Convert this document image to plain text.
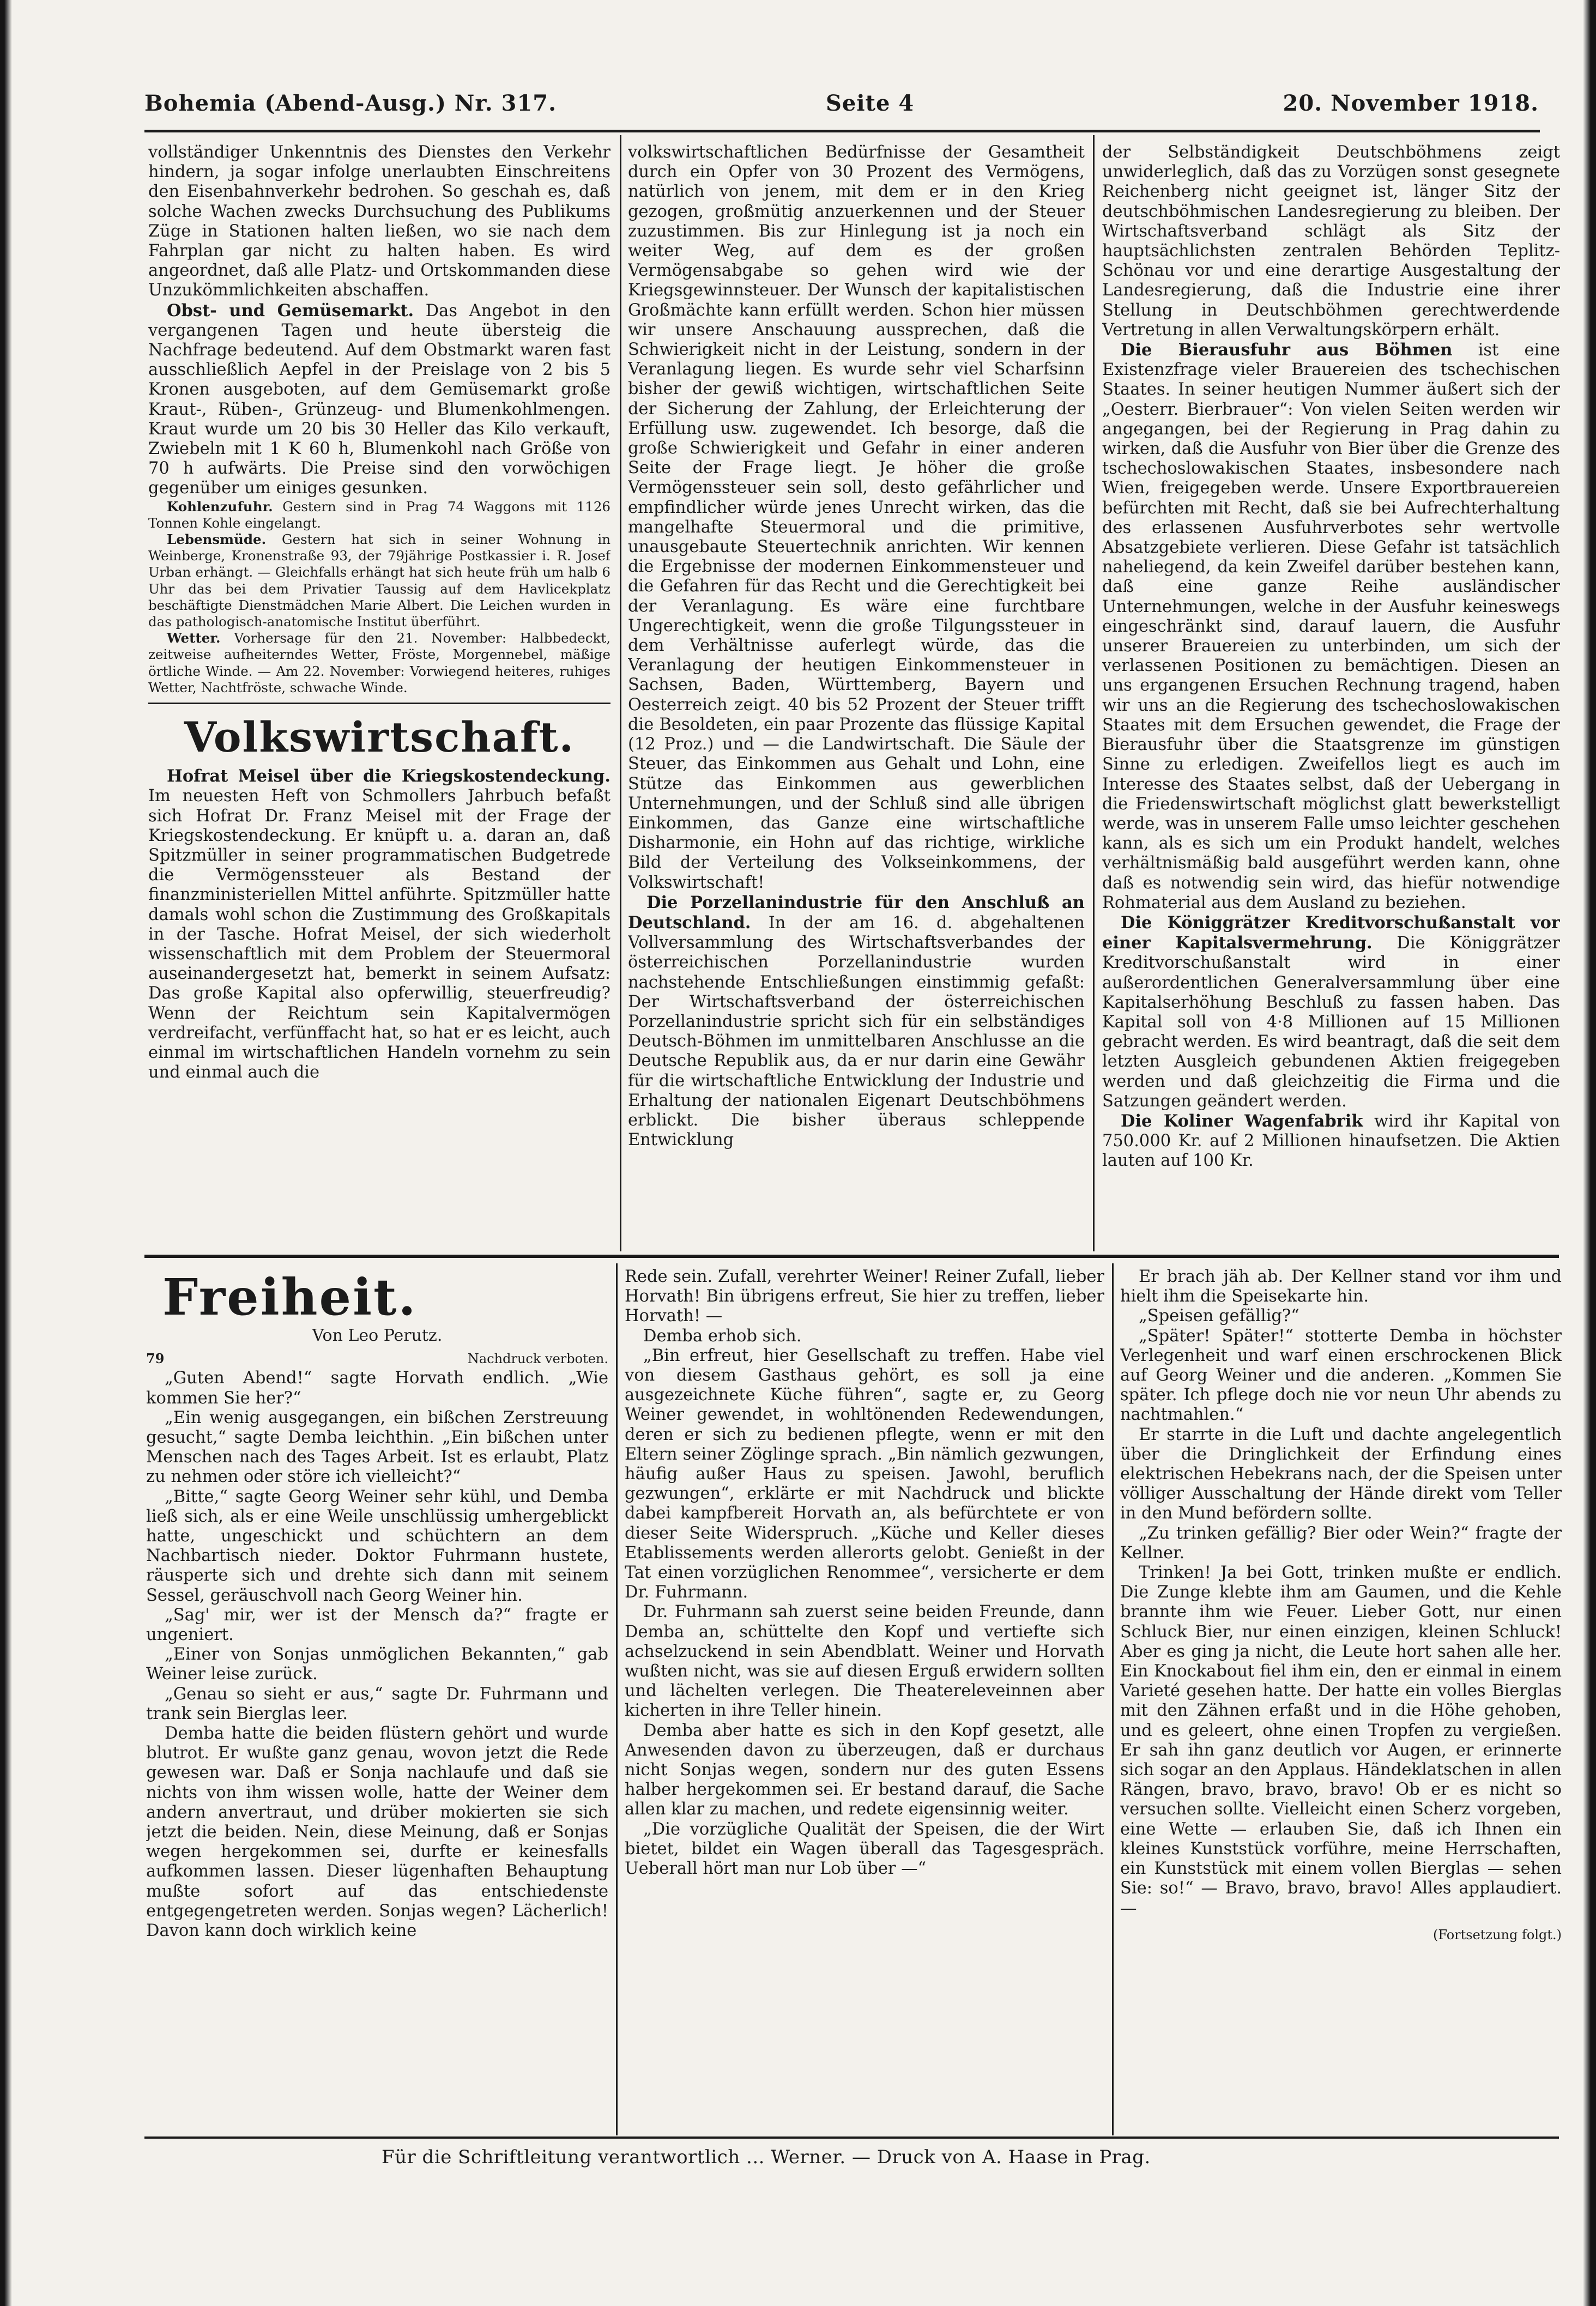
Bohemia (Abend-Ausg.) Nr. 317.	Seite 4	20. November 1918.

vollständiger Unkenntnis des Dienstes den Verkehr hindern, ja sogar infolge unerlaubten Einschreitens den Eisenbahnverkehr bedrohen. So geschah es, daß solche Wachen zwecks Durchsuchung des Publikums Züge in Stationen halten ließen, wo sie nach dem Fahrplan gar nicht zu halten haben. Es wird angeordnet, daß alle Platz- und Ortskommanden diese Unzukömmlichkeiten abschaffen.

Obst- und Gemüsemarkt. Das Angebot in den vergangenen Tagen und heute übersteig die Nachfrage bedeutend. Auf dem Obstmarkt waren fast ausschließlich Aepfel in der Preislage von 2 bis 5 Kronen ausgeboten, auf dem Gemüsemarkt große Kraut-, Rüben-, Grünzeug- und Blumenkohlmengen. Kraut wurde um 20 bis 30 Heller das Kilo verkauft, Zwiebeln mit 1 K 60 h, Blumenkohl nach Größe von 70 h aufwärts. Die Preise sind den vorwöchigen gegenüber um einiges gesunken.

Kohlenzufuhr. Gestern sind in Prag 74 Waggons mit 1126 Tonnen Kohle eingelangt.

Lebensmüde. Gestern hat sich in seiner Wohnung in Weinberge, Kronenstraße 93, der 79jährige Postkassier i. R. Josef Urban erhängt. — Gleichfalls erhängt hat sich heute früh um halb 6 Uhr das bei dem Privatier Taussig auf dem Havlicekplatz beschäftigte Dienstmädchen Marie Albert. Die Leichen wurden in das pathologisch-anatomische Institut überführt.

Wetter. Vorhersage für den 21. November: Halbbedeckt, zeitweise aufheiterndes Wetter, Fröste, Morgennebel, mäßige örtliche Winde. — Am 22. November: Vorwiegend heiteres, ruhiges Wetter, Nachtfröste, schwache Winde.

Volkswirtschaft.

Hofrat Meisel über die Kriegskostendeckung. Im neuesten Heft von Schmollers Jahrbuch befaßt sich Hofrat Dr. Franz Meisel mit der Frage der Kriegskostendeckung. Er knüpft u. a. daran an, daß Spitzmüller in seiner programmatischen Budgetrede die Vermögenssteuer als Bestand der finanzministeriellen Mittel anführte. Spitzmüller hatte damals wohl schon die Zustimmung des Großkapitals in der Tasche. Hofrat Meisel, der sich wiederholt wissenschaftlich mit dem Problem der Steuermoral auseinandergesetzt hat, bemerkt in seinem Aufsatz: Das große Kapital also opferwillig, steuerfreudig? Wenn der Reichtum sein Kapitalvermögen verdreifacht, verfünffacht hat, so hat er es leicht, auch einmal im wirtschaftlichen Handeln vornehm zu sein und einmal auch die

volkswirtschaftlichen Bedürfnisse der Gesamtheit durch ein Opfer von 30 Prozent des Vermögens, natürlich von jenem, mit dem er in den Krieg gezogen, großmütig anzuerkennen und der Steuer zuzustimmen. Bis zur Hinlegung ist ja noch ein weiter Weg, auf dem es der großen Vermögensabgabe so gehen wird wie der Kriegsgewinnsteuer. Der Wunsch der kapitalistischen Großmächte kann erfüllt werden. Schon hier müssen wir unsere Anschauung aussprechen, daß die Schwierigkeit nicht in der Leistung, sondern in der Veranlagung liegen. Es wurde sehr viel Scharfsinn bisher der gewiß wichtigen, wirtschaftlichen Seite der Sicherung der Zahlung, der Erleichterung der Erfüllung usw. zugewendet. Ich besorge, daß die große Schwierigkeit und Gefahr in einer anderen Seite der Frage liegt. Je höher die große Vermögenssteuer sein soll, desto gefährlicher und empfindlicher würde jenes Unrecht wirken, das die mangelhafte Steuermoral und die primitive, unausgebaute Steuertechnik anrichten. Wir kennen die Ergebnisse der modernen Einkommensteuer und die Gefahren für das Recht und die Gerechtigkeit bei der Veranlagung. Es wäre eine furchtbare Ungerechtigkeit, wenn die große Tilgungssteuer in dem Verhältnisse auferlegt würde, das die Veranlagung der heutigen Einkommensteuer in Sachsen, Baden, Württemberg, Bayern und Oesterreich zeigt. 40 bis 52 Prozent der Steuer trifft die Besoldeten, ein paar Prozente das flüssige Kapital (12 Proz.) und — die Landwirtschaft. Die Säule der Steuer, das Einkommen aus Gehalt und Lohn, eine Stütze das Einkommen aus gewerblichen Unternehmungen, und der Schluß sind alle übrigen Einkommen, das Ganze eine wirtschaftliche Disharmonie, ein Hohn auf das richtige, wirkliche Bild der Verteilung des Volkseinkommens, der Volkswirtschaft!

Die Porzellanindustrie für den Anschluß an Deutschland. In der am 16. d. abgehaltenen Vollversammlung des Wirtschaftsverbandes der österreichischen Porzellanindustrie wurden nachstehende Entschließungen einstimmig gefaßt: Der Wirtschaftsverband der österreichischen Porzellanindustrie spricht sich für ein selbständiges Deutsch-Böhmen im unmittelbaren Anschlusse an die Deutsche Republik aus, da er nur darin eine Gewähr für die wirtschaftliche Entwicklung der Industrie und Erhaltung der nationalen Eigenart Deutschböhmens erblickt. Die bisher überaus schleppende Entwicklung

der Selbständigkeit Deutschböhmens zeigt unwiderleglich, daß das zu Vorzügen sonst gesegnete Reichenberg nicht geeignet ist, länger Sitz der deutschböhmischen Landesregierung zu bleiben. Der Wirtschaftsverband schlägt als Sitz der hauptsächlichsten zentralen Behörden Teplitz-Schönau vor und eine derartige Ausgestaltung der Landesregierung, daß die Industrie eine ihrer Stellung in Deutschböhmen gerechtwerdende Vertretung in allen Verwaltungskörpern erhält.

Die Bierausfuhr aus Böhmen ist eine Existenzfrage vieler Brauereien des tschechischen Staates. In seiner heutigen Nummer äußert sich der „Oesterr. Bierbrauer“: Von vielen Seiten werden wir angegangen, bei der Regierung in Prag dahin zu wirken, daß die Ausfuhr von Bier über die Grenze des tschechoslowakischen Staates, insbesondere nach Wien, freigegeben werde. Unsere Exportbrauereien befürchten mit Recht, daß sie bei Aufrechterhaltung des erlassenen Ausfuhrverbotes sehr wertvolle Absatzgebiete verlieren. Diese Gefahr ist tatsächlich naheliegend, da kein Zweifel darüber bestehen kann, daß eine ganze Reihe ausländischer Unternehmungen, welche in der Ausfuhr keineswegs eingeschränkt sind, darauf lauern, die Ausfuhr unserer Brauereien zu unterbinden, um sich der verlassenen Positionen zu bemächtigen. Diesen an uns ergangenen Ersuchen Rechnung tragend, haben wir uns an die Regierung des tschechoslowakischen Staates mit dem Ersuchen gewendet, die Frage der Bierausfuhr über die Staatsgrenze im günstigen Sinne zu erledigen. Zweifellos liegt es auch im Interesse des Staates selbst, daß der Uebergang in die Friedenswirtschaft möglichst glatt bewerkstelligt werde, was in unserem Falle umso leichter geschehen kann, als es sich um ein Produkt handelt, welches verhältnismäßig bald ausgeführt werden kann, ohne daß es notwendig sein wird, das hiefür notwendige Rohmaterial aus dem Ausland zu beziehen.

Die Königgrätzer Kreditvorschußanstalt vor einer Kapitalsvermehrung. Die Königgrätzer Kreditvorschußanstalt wird in einer außerordentlichen Generalversammlung über eine Kapitalserhöhung Beschluß zu fassen haben. Das Kapital soll von 4·8 Millionen auf 15 Millionen gebracht werden. Es wird beantragt, daß die seit dem letzten Ausgleich gebundenen Aktien freigegeben werden und daß gleichzeitig die Firma und die Satzungen geändert werden.

Die Koliner Wagenfabrik wird ihr Kapital von 750.000 Kr. auf 2 Millionen hinaufsetzen. Die Aktien lauten auf 100 Kr.

Freiheit.
Von Leo Perutz.
79	Nachdruck verboten.

„Guten Abend!“ sagte Horvath endlich. „Wie kommen Sie her?“

„Ein wenig ausgegangen, ein bißchen Zerstreuung gesucht,“ sagte Demba leichthin. „Ein bißchen unter Menschen nach des Tages Arbeit. Ist es erlaubt, Platz zu nehmen oder störe ich vielleicht?“

„Bitte,“ sagte Georg Weiner sehr kühl, und Demba ließ sich, als er eine Weile unschlüssig umhergeblickt hatte, ungeschickt und schüchtern an dem Nachbartisch nieder. Doktor Fuhrmann hustete, räusperte sich und drehte sich dann mit seinem Sessel, geräuschvoll nach Georg Weiner hin.

„Sag' mir, wer ist der Mensch da?“ fragte er ungeniert.

„Einer von Sonjas unmöglichen Bekannten,“ gab Weiner leise zurück.

„Genau so sieht er aus,“ sagte Dr. Fuhrmann und trank sein Bierglas leer.

Demba hatte die beiden flüstern gehört und wurde blutrot. Er wußte ganz genau, wovon jetzt die Rede gewesen war. Daß er Sonja nachlaufe und daß sie nichts von ihm wissen wolle, hatte der Weiner dem andern anvertraut, und drüber mokierten sie sich jetzt die beiden. Nein, diese Meinung, daß er Sonjas wegen hergekommen sei, durfte er keinesfalls aufkommen lassen. Dieser lügenhaften Behauptung mußte sofort auf das entschiedenste entgegengetreten werden. Sonjas wegen? Lächerlich! Davon kann doch wirklich keine

Rede sein. Zufall, verehrter Weiner! Reiner Zufall, lieber Horvath! Bin übrigens erfreut, Sie hier zu treffen, lieber Horvath! —

Demba erhob sich.

„Bin erfreut, hier Gesellschaft zu treffen. Habe viel von diesem Gasthaus gehört, es soll ja eine ausgezeichnete Küche führen“, sagte er, zu Georg Weiner gewendet, in wohltönenden Redewendungen, deren er sich zu bedienen pflegte, wenn er mit den Eltern seiner Zöglinge sprach. „Bin nämlich gezwungen, häufig außer Haus zu speisen. Jawohl, beruflich gezwungen“, erklärte er mit Nachdruck und blickte dabei kampfbereit Horvath an, als befürchtete er von dieser Seite Widerspruch. „Küche und Keller dieses Etablissements werden allerorts gelobt. Genießt in der Tat einen vorzüglichen Renommee“, versicherte er dem Dr. Fuhrmann.

Dr. Fuhrmann sah zuerst seine beiden Freunde, dann Demba an, schüttelte den Kopf und vertiefte sich achselzuckend in sein Abendblatt. Weiner und Horvath wußten nicht, was sie auf diesen Erguß erwidern sollten und lächelten verlegen. Die Theatereleveinnen aber kicherten in ihre Teller hinein.

Demba aber hatte es sich in den Kopf gesetzt, alle Anwesenden davon zu überzeugen, daß er durchaus nicht Sonjas wegen, sondern nur des guten Essens halber hergekommen sei. Er bestand darauf, die Sache allen klar zu machen, und redete eigensinnig weiter.

„Die vorzügliche Qualität der Speisen, die der Wirt bietet, bildet ein Wagen überall das Tagesgespräch. Ueberall hört man nur Lob über —“

Er brach jäh ab. Der Kellner stand vor ihm und hielt ihm die Speisekarte hin.

„Speisen gefällig?“

„Später! Später!“ stotterte Demba in höchster Verlegenheit und warf einen erschrockenen Blick auf Georg Weiner und die anderen. „Kommen Sie später. Ich pflege doch nie vor neun Uhr abends zu nachtmahlen.“

Er starrte in die Luft und dachte angelegentlich über die Dringlichkeit der Erfindung eines elektrischen Hebekrans nach, der die Speisen unter völliger Ausschaltung der Hände direkt vom Teller in den Mund befördern sollte.

„Zu trinken gefällig? Bier oder Wein?“ fragte der Kellner.

Trinken! Ja bei Gott, trinken mußte er endlich. Die Zunge klebte ihm am Gaumen, und die Kehle brannte ihm wie Feuer. Lieber Gott, nur einen Schluck Bier, nur einen einzigen, kleinen Schluck! Aber es ging ja nicht, die Leute hort sahen alle her. Ein Knockabout fiel ihm ein, den er einmal in einem Varieté gesehen hatte. Der hatte ein volles Bierglas mit den Zähnen erfaßt und in die Höhe gehoben, und es geleert, ohne einen Tropfen zu vergießen. Er sah ihn ganz deutlich vor Augen, er erinnerte sich sogar an den Applaus. Händeklatschen in allen Rängen, bravo, bravo, bravo! Ob er es nicht so versuchen sollte. Vielleicht einen Scherz vorgeben, eine Wette — erlauben Sie, daß ich Ihnen ein kleines Kunststück vorführe, meine Herrschaften, ein Kunststück mit einem vollen Bierglas — sehen Sie: so!“ — Bravo, bravo, bravo! Alles applaudiert. —

(Fortsetzung folgt.)
Für die Schriftleitung verantwortlich ... Werner. — Druck von A. Haase in Prag.
